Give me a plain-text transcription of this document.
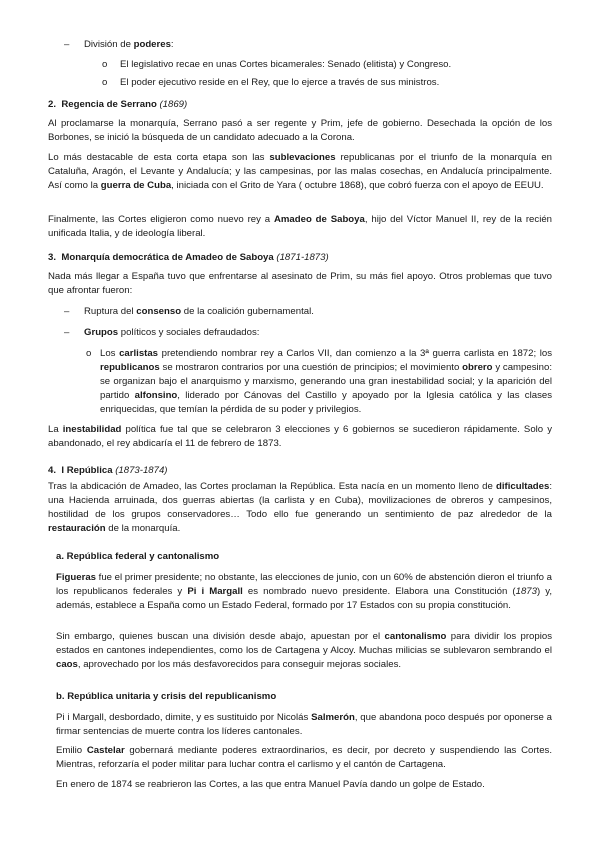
–	División de poderes:

o	El legislativo recae en unas Cortes bicamerales: Senado (elitista) y Congreso.

o	El poder ejecutivo reside en el Rey, que lo ejerce a través de sus ministros.

2. Regencia de Serrano (1869)

Al proclamarse la monarquía, Serrano pasó a ser regente y Prim, jefe de gobierno. Desechada la opción de los Borbones, se inició la búsqueda de un candidato adecuado a la Corona.

Lo más destacable de esta corta etapa son las sublevaciones republicanas por el triunfo de la monarquía en Cataluña, Aragón, el Levante y Andalucía; y las campesinas, por las malas cosechas, en Andalucía principalmente. Así como la guerra de Cuba, iniciada con el Grito de Yara ( octubre 1868), que cobró fuerza con el apoyo de EEUU.

Finalmente, las Cortes eligieron como nuevo rey a Amadeo de Saboya, hijo del Víctor Manuel II, rey de la recién unificada Italia, y de ideología liberal.

3. Monarquía democrática de Amadeo de Saboya (1871-1873)

Nada más llegar a España tuvo que enfrentarse al asesinato de Prim, su más fiel apoyo. Otros problemas que tuvo que afrontar fueron:

–	Ruptura del consenso de la coalición gubernamental.

–	Grupos políticos y sociales defraudados:

o Los carlistas pretendiendo nombrar rey a Carlos VII, dan comienzo a la 3ª guerra carlista en 1872; los republicanos se mostraron contrarios por una cuestión de principios; el movimiento obrero y campesino: se organizan bajo el anarquismo y marxismo, generando una gran inestabilidad social; y la aparición del partido alfonsino, liderado por Cánovas del Castillo y apoyado por la Iglesia católica y las clases enriquecidas, que temían la pérdida de su poder y privilegios.

La inestabilidad política fue tal que se celebraron 3 elecciones y 6 gobiernos se sucedieron rápidamente. Solo y abandonado, el rey abdicaría el 11 de febrero de 1873.

4. I República (1873-1874)

Tras la abdicación de Amadeo, las Cortes proclaman la República. Esta nacía en un momento lleno de dificultades: una Hacienda arruinada, dos guerras abiertas (la carlista y en Cuba), movilizaciones de obreros y campesinos, hostilidad de los grupos conservadores… Todo ello fue generando un sentimiento de paz alrededor de la restauración de la monarquía.

a. República federal y cantonalismo

Figueras fue el primer presidente; no obstante, las elecciones de junio, con un 60% de abstención dieron el triunfo a los republicanos federales y Pi i Margall es nombrado nuevo presidente. Elabora una Constitución (1873) y, además, establece a España como un Estado Federal, formado por 17 Estados con su propia constitución.

Sin embargo, quienes buscan una división desde abajo, apuestan por el cantonalismo para dividir los propios estados en cantones independientes, como los de Cartagena y Alcoy. Muchas milicias se sublevaron sembrando el caos, aprovechado por los más desfavorecidos para conseguir mejoras sociales.

b. República unitaria y crisis del republicanismo

Pi i Margall, desbordado, dimite, y es sustituido por Nicolás Salmerón, que abandona poco después por oponerse a firmar sentencias de muerte contra los líderes cantonales.

Emilio Castelar gobernará mediante poderes extraordinarios, es decir, por decreto y suspendiendo las Cortes. Mientras, reforzaría el poder militar para luchar contra el carlismo y el cantón de Cartagena.

En enero de 1874 se reabrieron las Cortes, a las que entra Manuel Pavía dando un golpe de Estado.
